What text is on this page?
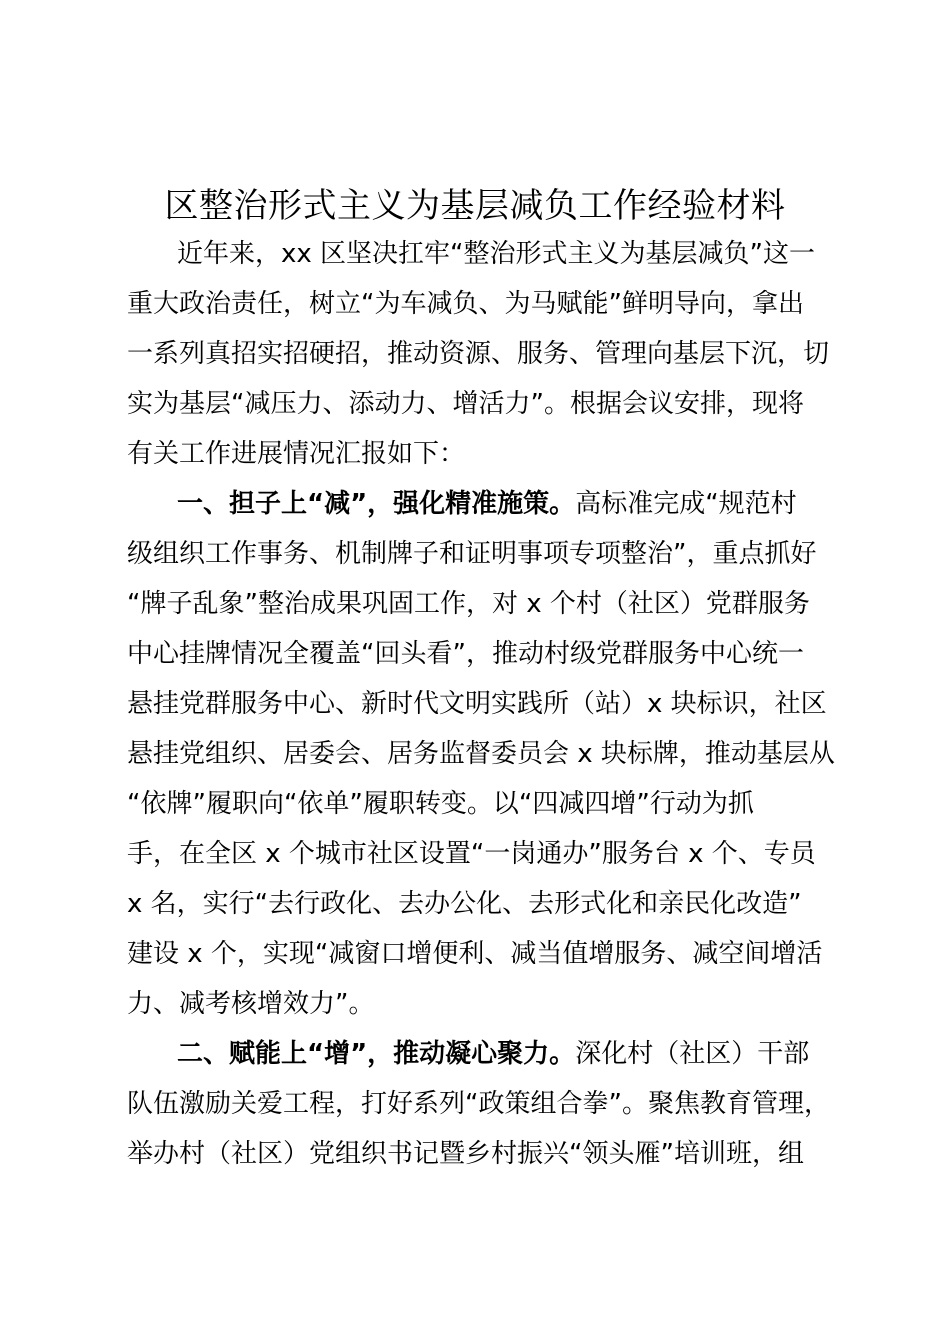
区整治形式主义为基层减负工作经验材料
近年来，xx 区坚决扛牢“整治形式主义为基层减负”这一
重大政治责任，树立“为车减负、为马赋能”鲜明导向，拿出
一系列真招实招硬招，推动资源、服务、管理向基层下沉，切
实为基层“减压力、添动力、增活力”。根据会议安排，现将
有关工作进展情况汇报如下：
一、担子上“减”，强化精准施策。高标准完成“规范村
级组织工作事务、机制牌子和证明事项专项整治”，重点抓好
“牌子乱象”整治成果巩固工作，对 x 个村（社区）党群服务
中心挂牌情况全覆盖“回头看”，推动村级党群服务中心统一
悬挂党群服务中心、新时代文明实践所（站）x 块标识，社区
悬挂党组织、居委会、居务监督委员会 x 块标牌，推动基层从
“依牌”履职向“依单”履职转变。以“四减四增”行动为抓
手，在全区 x 个城市社区设置“一岗通办”服务台 x 个、专员
x 名，实行“去行政化、去办公化、去形式化和亲民化改造”
建设 x 个，实现“减窗口增便利、减当值增服务、减空间增活
力、减考核增效力”。
二、赋能上“增”，推动凝心聚力。深化村（社区）干部
队伍激励关爱工程，打好系列“政策组合拳”。聚焦教育管理，
举办村（社区）党组织书记暨乡村振兴“领头雁”培训班，组
